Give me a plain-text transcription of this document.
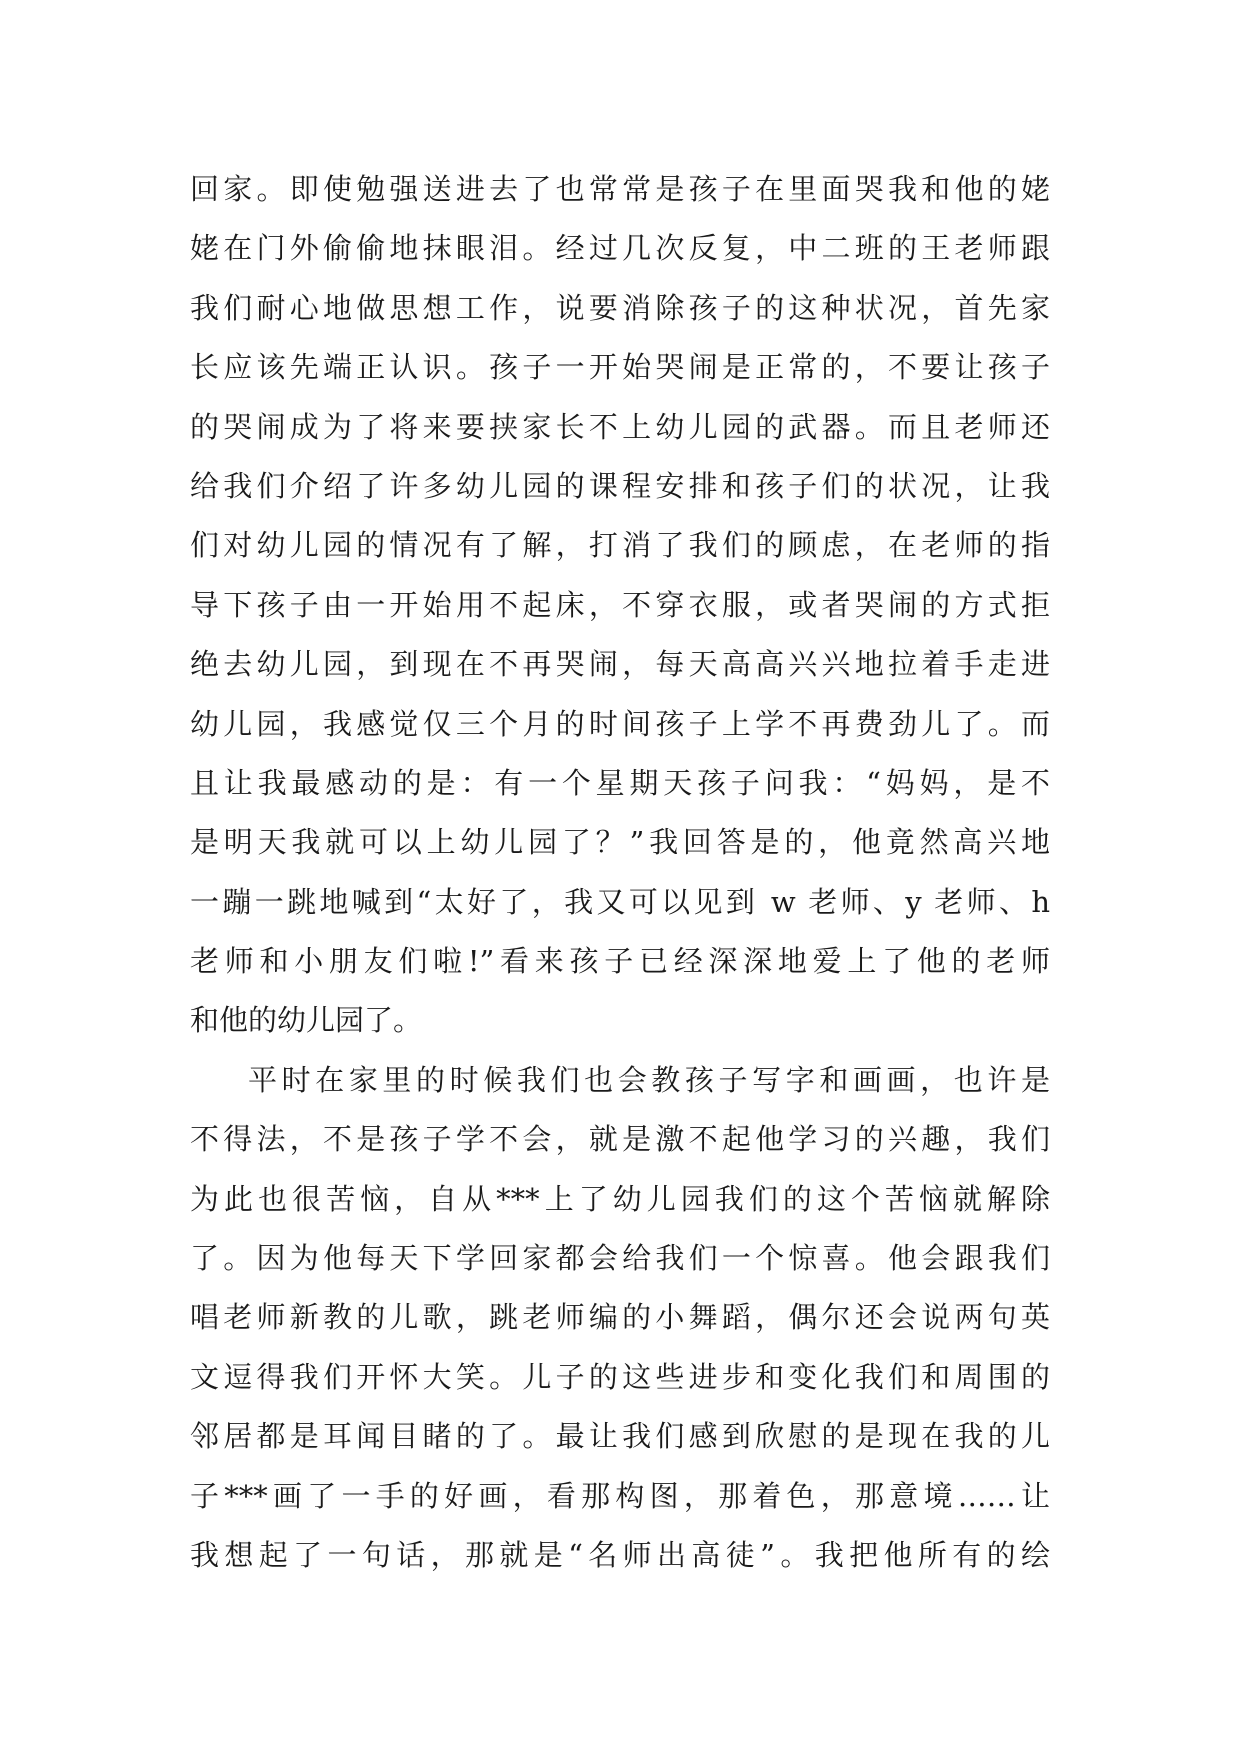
回家。即使勉强送进去了也常常是孩子在里面哭我和他的姥
姥在门外偷偷地抹眼泪。经过几次反复，中二班的王老师跟
我们耐心地做思想工作，说要消除孩子的这种状况，首先家
长应该先端正认识。孩子一开始哭闹是正常的，不要让孩子
的哭闹成为了将来要挟家长不上幼儿园的武器。而且老师还
给我们介绍了许多幼儿园的课程安排和孩子们的状况，让我
们对幼儿园的情况有了解，打消了我们的顾虑，在老师的指
导下孩子由一开始用不起床，不穿衣服，或者哭闹的方式拒
绝去幼儿园，到现在不再哭闹，每天高高兴兴地拉着手走进
幼儿园，我感觉仅三个月的时间孩子上学不再费劲儿了。而
且让我最感动的是：有一个星期天孩子问我：“妈妈，是不
是明天我就可以上幼儿园了？”我回答是的，他竟然高兴地
一蹦一跳地喊到“太好了，我又可以见到 w 老师、y 老师、h
老师和小朋友们啦!”看来孩子已经深深地爱上了他的老师
和他的幼儿园了。
平时在家里的时候我们也会教孩子写字和画画，也许是
不得法，不是孩子学不会，就是激不起他学习的兴趣，我们
为此也很苦恼，自从***上了幼儿园我们的这个苦恼就解除
了。因为他每天下学回家都会给我们一个惊喜。他会跟我们
唱老师新教的儿歌，跳老师编的小舞蹈，偶尔还会说两句英
文逗得我们开怀大笑。儿子的这些进步和变化我们和周围的
邻居都是耳闻目睹的了。最让我们感到欣慰的是现在我的儿
子***画了一手的好画，看那构图，那着色，那意境……让
我想起了一句话，那就是“名师出高徒”。我把他所有的绘
